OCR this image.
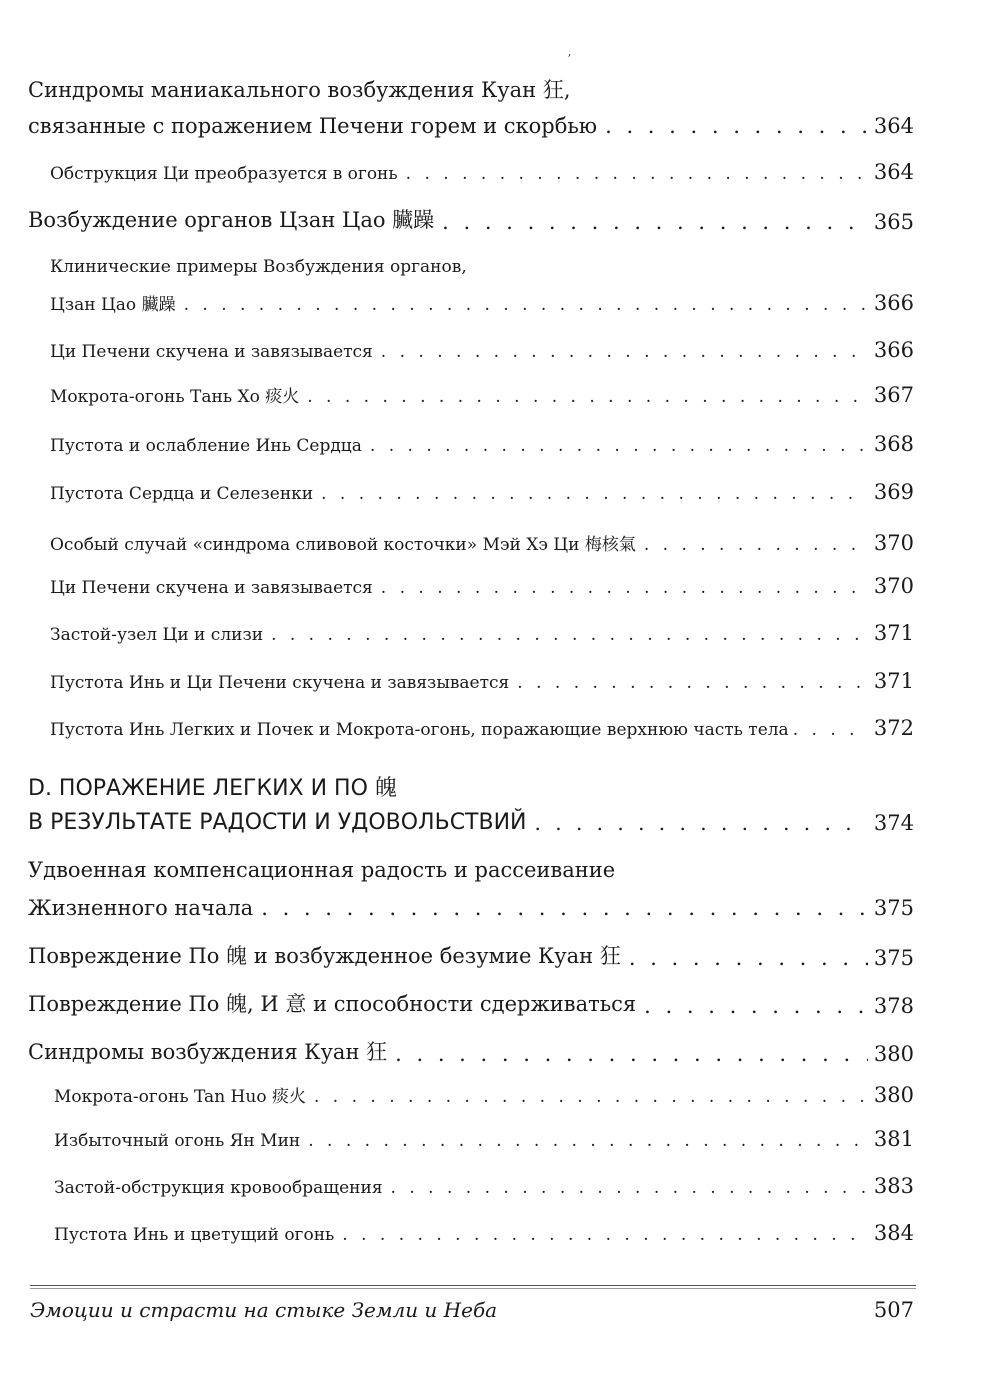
ʼ
Синдромы маниакального возбуждения Куан 狂,
связанные с поражением Печени горем и скорбью . . .	364
Обструкция Ци преобразуется в огонь . . .	364
Возбуждение органов Цзан Цао 臟躁 . . .	365
Клинические примеры Возбуждения органов,
Цзан Цао 臟躁 . . .	366
Ци Печени скучена и завязывается . . .	366
Мокрота-огонь Тань Хо 痰火 . . .	367
Пустота и ослабление Инь Сердца . . .	368
Пустота Сердца и Селезенки . . .	369
Особый случай «синдрома сливовой косточки» Мэй Хэ Ци 梅核氣 . . .	370
Ци Печени скучена и завязывается . . .	370
Застой-узел Ци и слизи . . .	371
Пустота Инь и Ци Печени скучена и завязывается . . .	371
Пустота Инь Легких и Почек и Мокрота-огонь, поражающие верхнюю часть тела . . .	372
D. ПОРАЖЕНИЕ ЛЕГКИХ И ПО 魄
В РЕЗУЛЬТАТЕ РАДОСТИ И УДОВОЛЬСТВИЙ . . .	374
Удвоенная компенсационная радость и рассеивание
Жизненного начала . . .	375
Повреждение По 魄 и возбужденное безумие Куан 狂 . . .	375
Повреждение По 魄, И 意 и способности сдерживаться . . .	378
Синдромы возбуждения Куан 狂 . . .	380
Мокрота-огонь Tan Huo 痰火 . . .	380
Избыточный огонь Ян Мин . . .	381
Застой-обструкция кровообращения . . .	383
Пустота Инь и цветущий огонь . . .	384
Эмоции и страсти на стыке Земли и Неба	507
